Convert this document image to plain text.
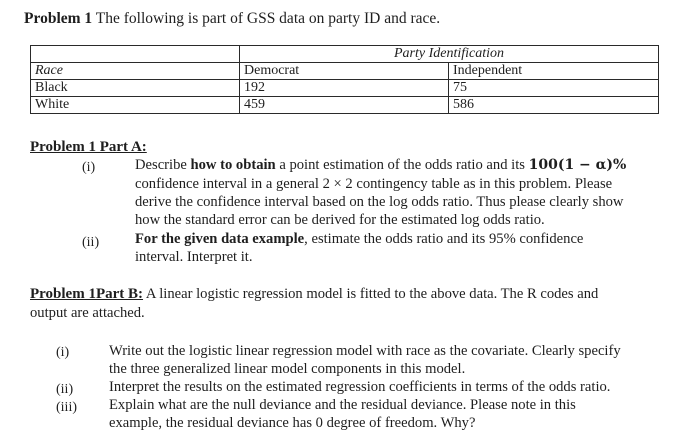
Problem 1 The following is part of GSS data on party ID and race.
	Party Identification	
Race	Democrat	Independent
Black	192	75
White	459	586
Problem 1 Part A:
(i)	Describe how to obtain a point estimation of the odds ratio and its 100(1 − α)%
confidence interval in a general 2 × 2 contingency table as in this problem. Please
derive the confidence interval based on the log odds ratio. Thus please clearly show
how the standard error can be derived for the estimated log odds ratio.
(ii) For the given data example, estimate the odds ratio and its 95% confidence
interval. Interpret it.
Problem 1Part B: A linear logistic regression model is fitted to the above data. The R codes and
output are attached.
(i)	Write out the logistic linear regression model with race as the covariate. Clearly specify
the three generalized linear model components in this model.
(ii) Interpret the results on the estimated regression coefficients in terms of the odds ratio.
(iii) Explain what are the null deviance and the residual deviance. Please note in this
example, the residual deviance has 0 degree of freedom. Why?
